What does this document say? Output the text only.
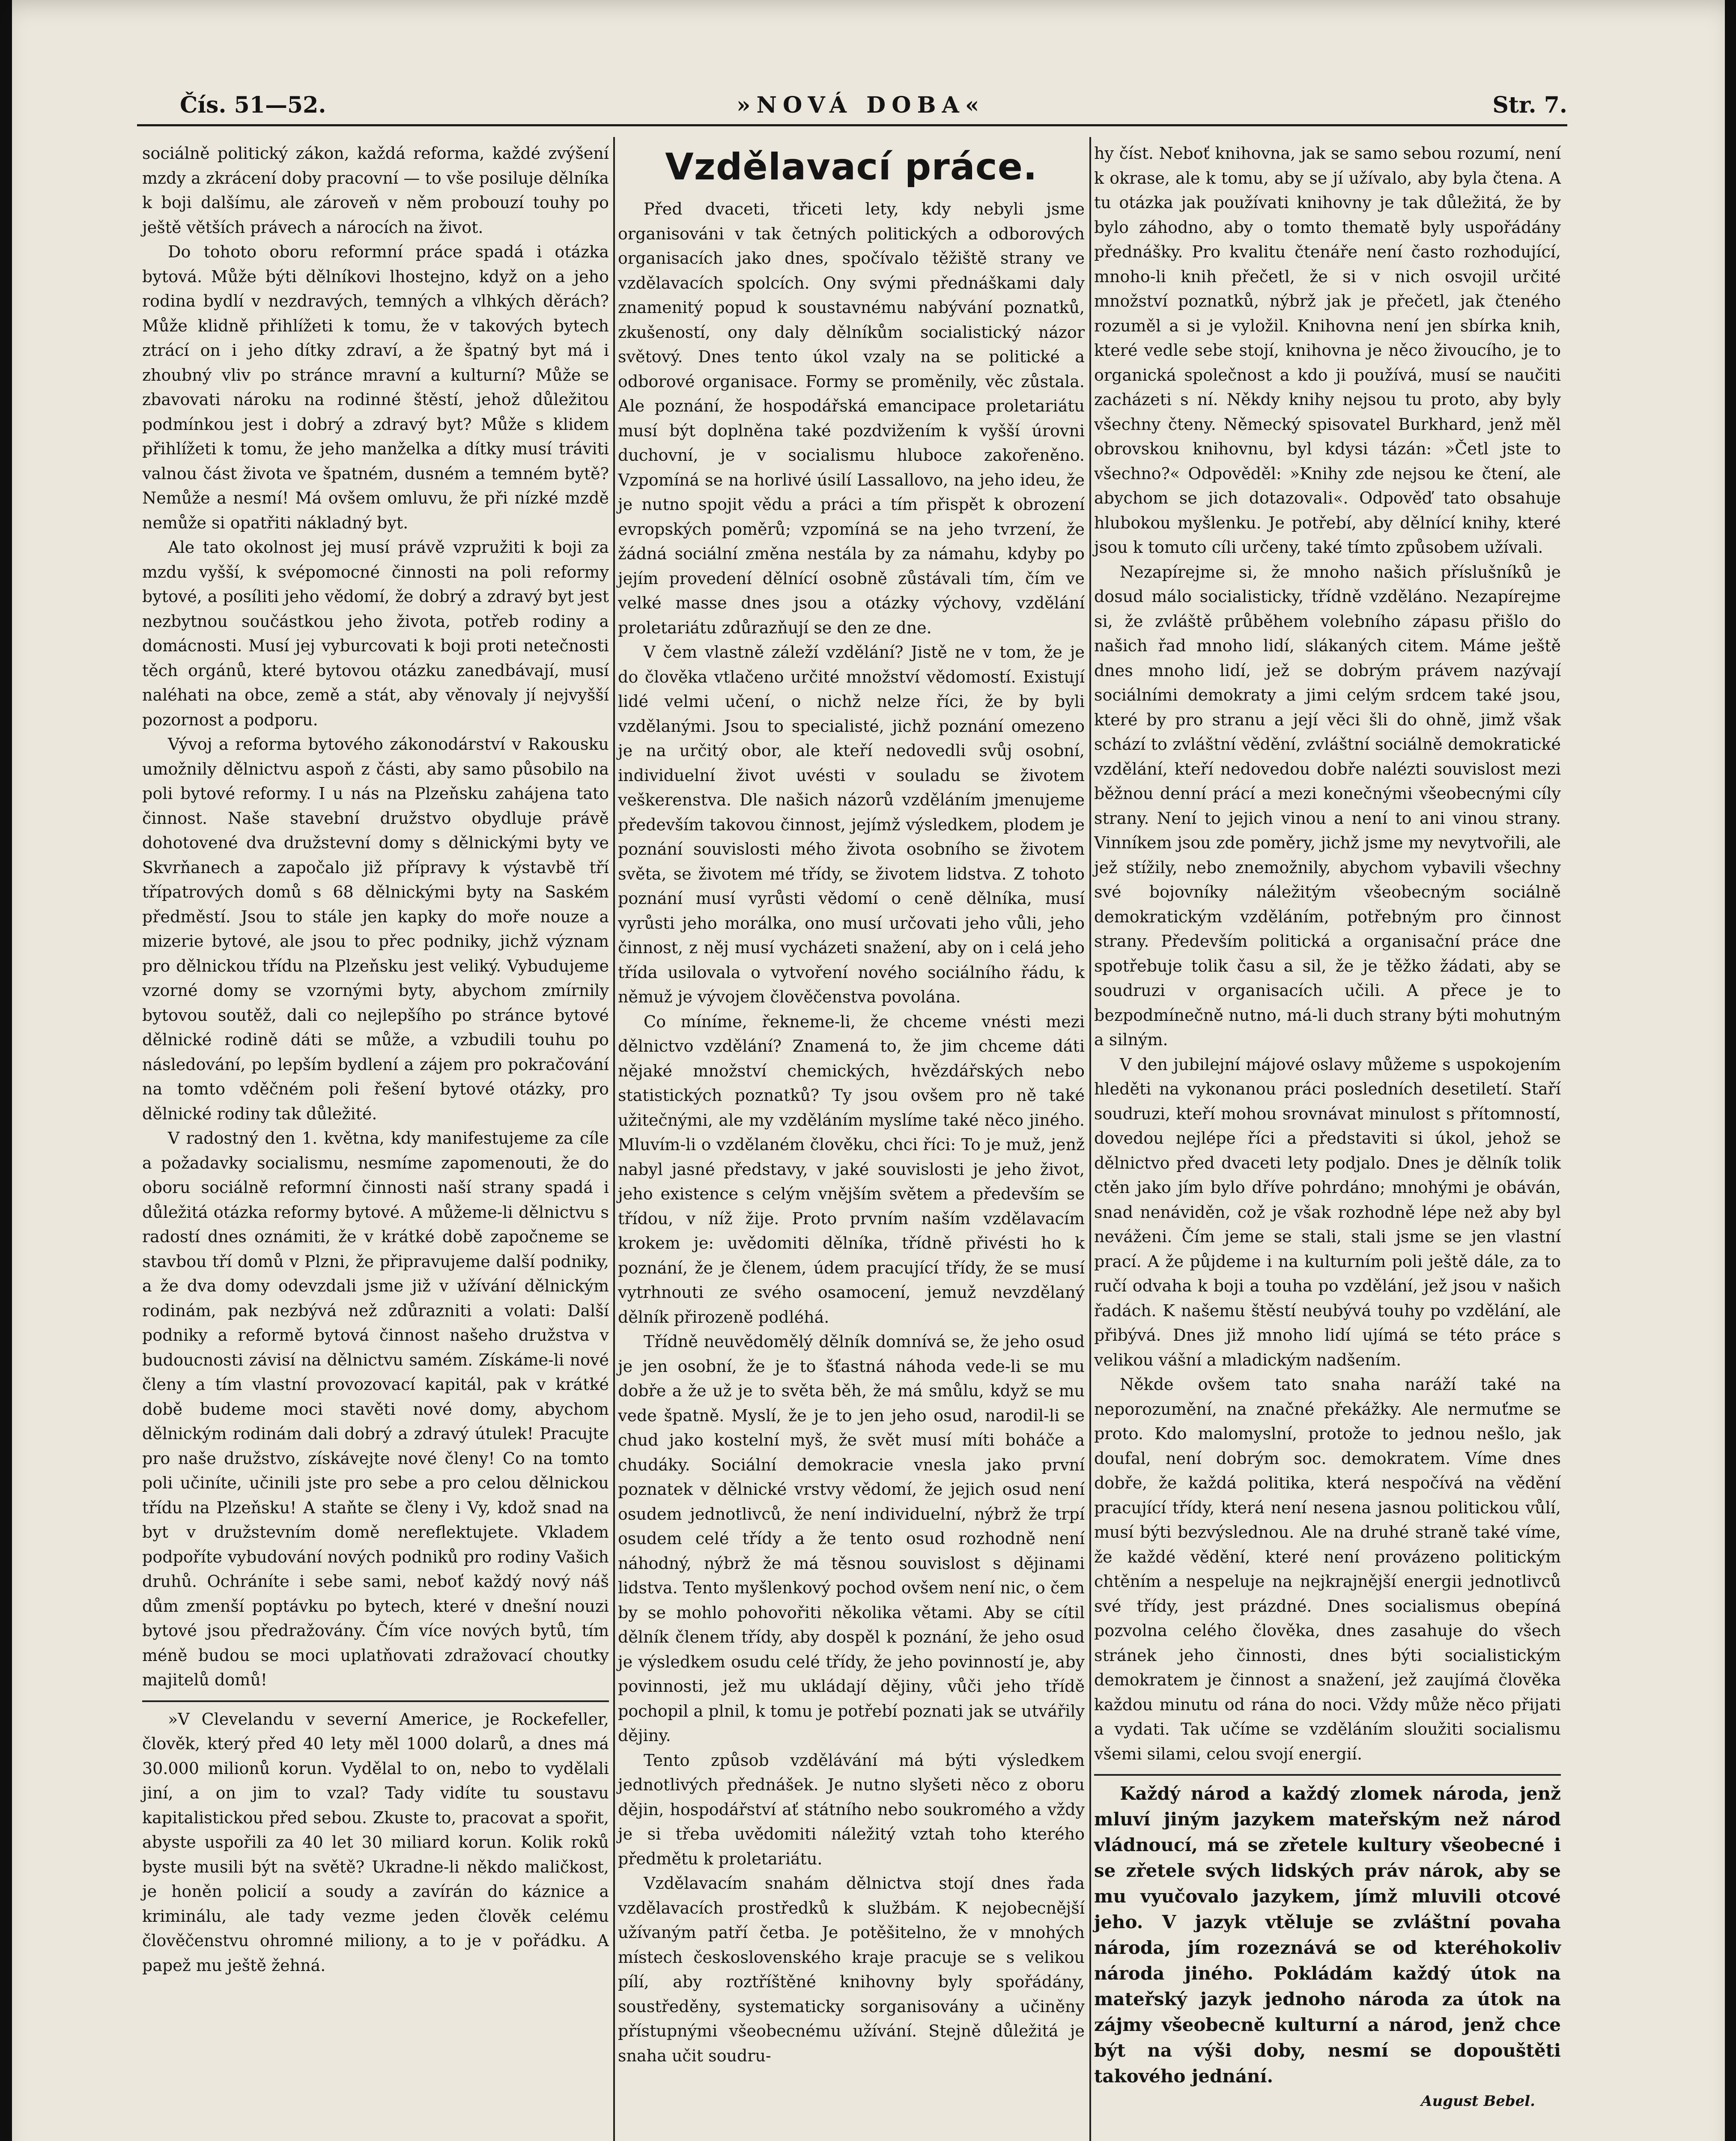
Čís. 51—52.	»NOVÁ DOBA«	Str. 7.

sociálně politický zákon, každá reforma, každé zvýšení mzdy a zkrácení doby pracovní — to vše posiluje dělníka k boji dalšímu, ale zároveň v něm probouzí touhy po ještě větších právech a nárocích na život.

Do tohoto oboru reformní práce spadá i otázka bytová. Může býti dělníkovi lhostejno, když on a jeho rodina bydlí v nezdravých, temných a vlhkých děrách? Může klidně přihlížeti k tomu, že v takových bytech ztrácí on i jeho dítky zdraví, a že špatný byt má i zhoubný vliv po stránce mravní a kulturní? Může se zbavovati nároku na rodinné štěstí, jehož důležitou podmínkou jest i dobrý a zdravý byt? Může s klidem přihlížeti k tomu, že jeho manželka a dítky musí tráviti valnou část života ve špatném, dusném a temném bytě? Nemůže a nesmí! Má ovšem omluvu, že při nízké mzdě nemůže si opatřiti nákladný byt.

Ale tato okolnost jej musí právě vzpružiti k boji za mzdu vyšší, k svépomocné činnosti na poli reformy bytové, a posíliti jeho vědomí, že dobrý a zdravý byt jest nezbytnou součástkou jeho života, potřeb rodiny a domácnosti. Musí jej vyburcovati k boji proti netečnosti těch orgánů, které bytovou otázku zanedbávají, musí naléhati na obce, země a stát, aby věnovaly jí nejvyšší pozornost a podporu.

Vývoj a reforma bytového zákonodárství v Rakousku umožnily dělnictvu aspoň z části, aby samo působilo na poli bytové reformy. I u nás na Plzeňsku zahájena tato činnost. Naše stavební družstvo obydluje právě dohotovené dva družstevní domy s dělnickými byty ve Skvrňanech a započalo již přípravy k výstavbě tří třípatrových domů s 68 dělnickými byty na Saském předměstí. Jsou to stále jen kapky do moře nouze a mizerie bytové, ale jsou to přec podniky, jichž význam pro dělnickou třídu na Plzeňsku jest veliký. Vybudujeme vzorné domy se vzornými byty, abychom zmírnily bytovou soutěž, dali co nejlepšího po stránce bytové dělnické rodině dáti se může, a vzbudili touhu po následování, po lepším bydlení a zájem pro pokračování na tomto vděčném poli řešení bytové otázky, pro dělnické rodiny tak důležité.

V radostný den 1. května, kdy manifestujeme za cíle a požadavky socialismu, nesmíme zapomenouti, že do oboru sociálně reformní činnosti naší strany spadá i důležitá otázka reformy bytové. A můžeme-li dělnictvu s radostí dnes oznámiti, že v krátké době započneme se stavbou tří domů v Plzni, že připravujeme další podniky, a že dva domy odevzdali jsme již v užívání dělnickým rodinám, pak nezbývá než zdůrazniti a volati: Další podniky a reformě bytová činnost našeho družstva v budoucnosti závisí na dělnictvu samém. Získáme-li nové členy a tím vlastní provozovací kapitál, pak v krátké době budeme moci stavěti nové domy, abychom dělnickým rodinám dali dobrý a zdravý útulek! Pracujte pro naše družstvo, získávejte nové členy! Co na tomto poli učiníte, učinili jste pro sebe a pro celou dělnickou třídu na Plzeňsku! A staňte se členy i Vy, kdož snad na byt v družstevním domě nereflektujete. Vkladem podpoříte vybudování nových podniků pro rodiny Vašich druhů. Ochráníte i sebe sami, neboť každý nový náš dům zmenší poptávku po bytech, které v dnešní nouzi bytové jsou předražovány. Čím více nových bytů, tím méně budou se moci uplatňovati zdražovací choutky majitelů domů!

»V Clevelandu v severní Americe, je Rockefeller, člověk, který před 40 lety měl 1000 dolarů, a dnes má 30.000 milionů korun. Vydělal to on, nebo to vydělali jiní, a on jim to vzal? Tady vidíte tu soustavu kapitalistickou před sebou. Zkuste to, pracovat a spořit, abyste uspořili za 40 let 30 miliard korun. Kolik roků byste musili být na světě? Ukradne-li někdo maličkost, je honěn policií a soudy a zavírán do káznice a kriminálu, ale tady vezme jeden člověk celému člověčenstvu ohromné miliony, a to je v pořádku. A papež mu ještě žehná.

Vzdělavací práce.

Před dvaceti, třiceti lety, kdy nebyli jsme organisováni v tak četných politických a odborových organisacích jako dnes, spočívalo těžiště strany ve vzdělavacích spolcích. Ony svými přednáškami daly znamenitý popud k soustavnému nabývání poznatků, zkušeností, ony daly dělníkům socialistický názor světový. Dnes tento úkol vzaly na se politické a odborové organisace. Formy se proměnily, věc zůstala. Ale poznání, že hospodářská emancipace proletariátu musí být doplněna také pozdvižením k vyšší úrovni duchovní, je v socialismu hluboce zakořeněno. Vzpomíná se na horlivé úsilí Lassallovo, na jeho ideu, že je nutno spojit vědu a práci a tím přispět k obrození evropských poměrů; vzpomíná se na jeho tvrzení, že žádná sociální změna nestála by za námahu, kdyby po jejím provedení dělnící osobně zůstávali tím, čím ve velké masse dnes jsou a otázky výchovy, vzdělání proletariátu zdůrazňují se den ze dne.

V čem vlastně záleží vzdělání? Jistě ne v tom, že je do člověka vtlačeno určité množství vědomostí. Existují lidé velmi učení, o nichž nelze říci, že by byli vzdělanými. Jsou to specialisté, jichž poznání omezeno je na určitý obor, ale kteří nedovedli svůj osobní, individuelní život uvésti v souladu se životem veškerenstva. Dle našich názorů vzděláním jmenujeme především takovou činnost, jejímž výsledkem, plodem je poznání souvislosti mého života osobního se životem světa, se životem mé třídy, se životem lidstva. Z tohoto poznání musí vyrůsti vědomí o ceně dělníka, musí vyrůsti jeho morálka, ono musí určovati jeho vůli, jeho činnost, z něj musí vycházeti snažení, aby on i celá jeho třída usilovala o vytvoření nového sociálního řádu, k němuž je vývojem člověčenstva povolána.

Co míníme, řekneme-li, že chceme vnésti mezi dělnictvo vzdělání? Znamená to, že jim chceme dáti nějaké množství chemických, hvězdářských nebo statistických poznatků? Ty jsou ovšem pro ně také užitečnými, ale my vzděláním myslíme také něco jiného. Mluvím-li o vzdělaném člověku, chci říci: To je muž, jenž nabyl jasné představy, v jaké souvislosti je jeho život, jeho existence s celým vnějším světem a především se třídou, v níž žije. Proto prvním naším vzdělavacím krokem je: uvědomiti dělníka, třídně přivésti ho k poznání, že je členem, údem pracující třídy, že se musí vytrhnouti ze svého osamocení, jemuž nevzdělaný dělník přirozeně podléhá.

Třídně neuvědomělý dělník domnívá se, že jeho osud je jen osobní, že je to šťastná náhoda vede-li se mu dobře a že už je to světa běh, že má smůlu, když se mu vede špatně. Myslí, že je to jen jeho osud, narodil-li se chud jako kostelní myš, že svět musí míti boháče a chudáky. Sociální demokracie vnesla jako první poznatek v dělnické vrstvy vědomí, že jejich osud není osudem jednotlivců, že není individuelní, nýbrž že trpí osudem celé třídy a že tento osud rozhodně není náhodný, nýbrž že má těsnou souvislost s dějinami lidstva. Tento myšlenkový pochod ovšem není nic, o čem by se mohlo pohovořiti několika větami. Aby se cítil dělník členem třídy, aby dospěl k poznání, že jeho osud je výsledkem osudu celé třídy, že jeho povinností je, aby povinnosti, jež mu ukládají dějiny, vůči jeho třídě pochopil a plnil, k tomu je potřebí poznati jak se utvářily dějiny.

Tento způsob vzdělávání má býti výsledkem jednotlivých přednášek. Je nutno slyšeti něco z oboru dějin, hospodářství ať státního nebo soukromého a vždy je si třeba uvědomiti náležitý vztah toho kterého předmětu k proletariátu.

Vzdělavacím snahám dělnictva stojí dnes řada vzdělavacích prostředků k službám. K nejobecnější užívaným patří četba. Je potěšitelno, že v mnohých místech československého kraje pracuje se s velikou pílí, aby roztříštěné knihovny byly spořádány, soustředěny, systematicky sorganisovány a učiněny přístupnými všeobecnému užívání. Stejně důležitá je snaha učit soudru-

hy číst. Neboť knihovna, jak se samo sebou rozumí, není k okrase, ale k tomu, aby se jí užívalo, aby byla čtena. A tu otázka jak používati knihovny je tak důležitá, že by bylo záhodno, aby o tomto thematě byly uspořádány přednášky. Pro kvalitu čtenáře není často rozhodující, mnoho-li knih přečetl, že si v nich osvojil určité množství poznatků, nýbrž jak je přečetl, jak čteného rozuměl a si je vyložil. Knihovna není jen sbírka knih, které vedle sebe stojí, knihovna je něco živoucího, je to organická společnost a kdo ji používá, musí se naučiti zacházeti s ní. Někdy knihy nejsou tu proto, aby byly všechny čteny. Německý spisovatel Burkhard, jenž měl obrovskou knihovnu, byl kdysi tázán: »Četl jste to všechno?« Odpověděl: »Knihy zde nejsou ke čtení, ale abychom se jich dotazovali«. Odpověď tato obsahuje hlubokou myšlenku. Je potřebí, aby dělnící knihy, které jsou k tomuto cíli určeny, také tímto způsobem užívali.

Nezapírejme si, že mnoho našich příslušníků je dosud málo socialisticky, třídně vzděláno. Nezapírejme si, že zvláště průběhem volebního zápasu přišlo do našich řad mnoho lidí, slákaných citem. Máme ještě dnes mnoho lidí, jež se dobrým právem nazývají sociálními demokraty a jimi celým srdcem také jsou, které by pro stranu a její věci šli do ohně, jimž však schází to zvláštní vědění, zvláštní sociálně demokratické vzdělání, kteří nedovedou dobře nalézti souvislost mezi běžnou denní prácí a mezi konečnými všeobecnými cíly strany. Není to jejich vinou a není to ani vinou strany. Vinníkem jsou zde poměry, jichž jsme my nevytvořili, ale jež stížily, nebo znemožnily, abychom vybavili všechny své bojovníky náležitým všeobecným sociálně demokratickým vzděláním, potřebným pro činnost strany. Především politická a organisační práce dne spotřebuje tolik času a sil, že je těžko žádati, aby se soudruzi v organisacích učili. A přece je to bezpodmínečně nutno, má-li duch strany býti mohutným a silným.

V den jubilejní májové oslavy můžeme s uspokojením hleděti na vykonanou práci posledních desetiletí. Staří soudruzi, kteří mohou srovnávat minulost s přítomností, dovedou nejlépe říci a představiti si úkol, jehož se dělnictvo před dvaceti lety podjalo. Dnes je dělník tolik ctěn jako jím bylo dříve pohrdáno; mnohými je obáván, snad nenáviděn, což je však rozhodně lépe než aby byl neváženi. Čím jeme se stali, stali jsme se jen vlastní prací. A že půjdeme i na kulturním poli ještě dále, za to ručí odvaha k boji a touha po vzdělání, jež jsou v našich řadách. K našemu štěstí neubývá touhy po vzdělání, ale přibývá. Dnes již mnoho lidí ujímá se této práce s velikou vášní a mladickým nadšením.

Někde ovšem tato snaha naráží také na neporozumění, na značné překážky. Ale nermuťme se proto. Kdo malomyslní, protože to jednou nešlo, jak doufal, není dobrým soc. demokratem. Víme dnes dobře, že každá politika, která nespočívá na vědění pracující třídy, která není nesena jasnou politickou vůlí, musí býti bezvýslednou. Ale na druhé straně také víme, že každé vědění, které není provázeno politickým chtěním a nespeluje na nejkrajnější energii jednotlivců své třídy, jest prázdné. Dnes socialismus obepíná pozvolna celého člověka, dnes zasahuje do všech stránek jeho činnosti, dnes býti socialistickým demokratem je činnost a snažení, jež zaujímá člověka každou minutu od rána do noci. Vždy může něco přijati a vydati. Tak učíme se vzděláním sloužiti socialismu všemi silami, celou svojí energií.

Každý národ a každý zlomek národa, jenž mluví jiným jazykem mateřským než národ vládnoucí, má se zřetele kultury všeobecné i se zřetele svých lidských práv nárok, aby se mu vyučovalo jazykem, jímž mluvili otcové jeho. V jazyk vtěluje se zvláštní povaha národa, jím rozeznává se od kteréhokoliv národa jiného. Pokládám každý útok na mateřský jazyk jednoho národa za útok na zájmy všeobecně kulturní a národ, jenž chce být na výši doby, nesmí se dopouštěti takového jednání.

August Bebel.
